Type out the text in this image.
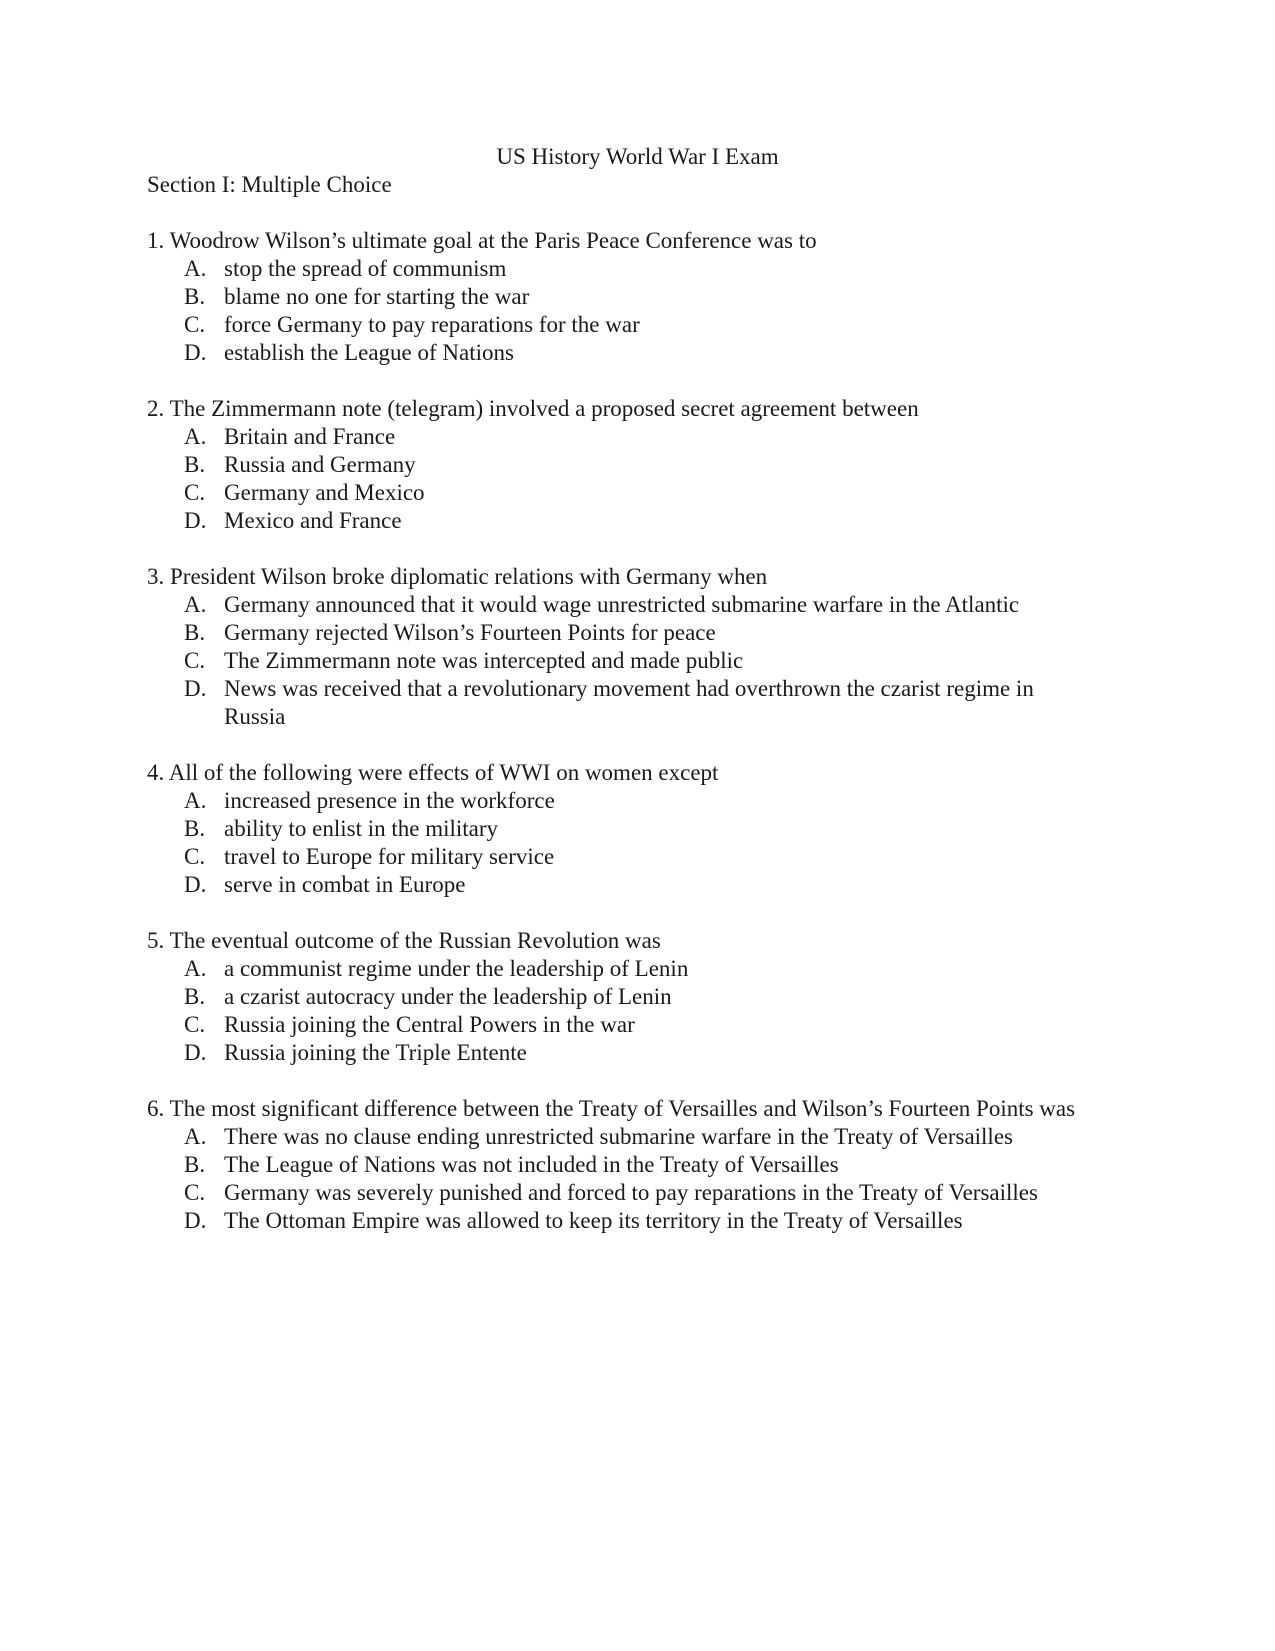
US History World War I Exam
Section I: Multiple Choice

1. Woodrow Wilson’s ultimate goal at the Paris Peace Conference was to

A. stop the spread of communism
B. blame no one for starting the war
C. force Germany to pay reparations for the war
D. establish the League of Nations

2. The Zimmermann note (telegram) involved a proposed secret agreement between

A. Britain and France
B. Russia and Germany
C. Germany and Mexico
D. Mexico and France

3. President Wilson broke diplomatic relations with Germany when

A. Germany announced that it would wage unrestricted submarine warfare in the Atlantic
B. Germany rejected Wilson’s Fourteen Points for peace
C. The Zimmermann note was intercepted and made public
D. News was received that a revolutionary movement had overthrown the czarist regime in Russia

4. All of the following were effects of WWI on women except

A. increased presence in the workforce
B. ability to enlist in the military
C. travel to Europe for military service
D. serve in combat in Europe

5. The eventual outcome of the Russian Revolution was

A. a communist regime under the leadership of Lenin
B. a czarist autocracy under the leadership of Lenin
C. Russia joining the Central Powers in the war
D. Russia joining the Triple Entente

6. The most significant difference between the Treaty of Versailles and Wilson’s Fourteen Points was

A. There was no clause ending unrestricted submarine warfare in the Treaty of Versailles
B. The League of Nations was not included in the Treaty of Versailles
C. Germany was severely punished and forced to pay reparations in the Treaty of Versailles
D. The Ottoman Empire was allowed to keep its territory in the Treaty of Versailles
